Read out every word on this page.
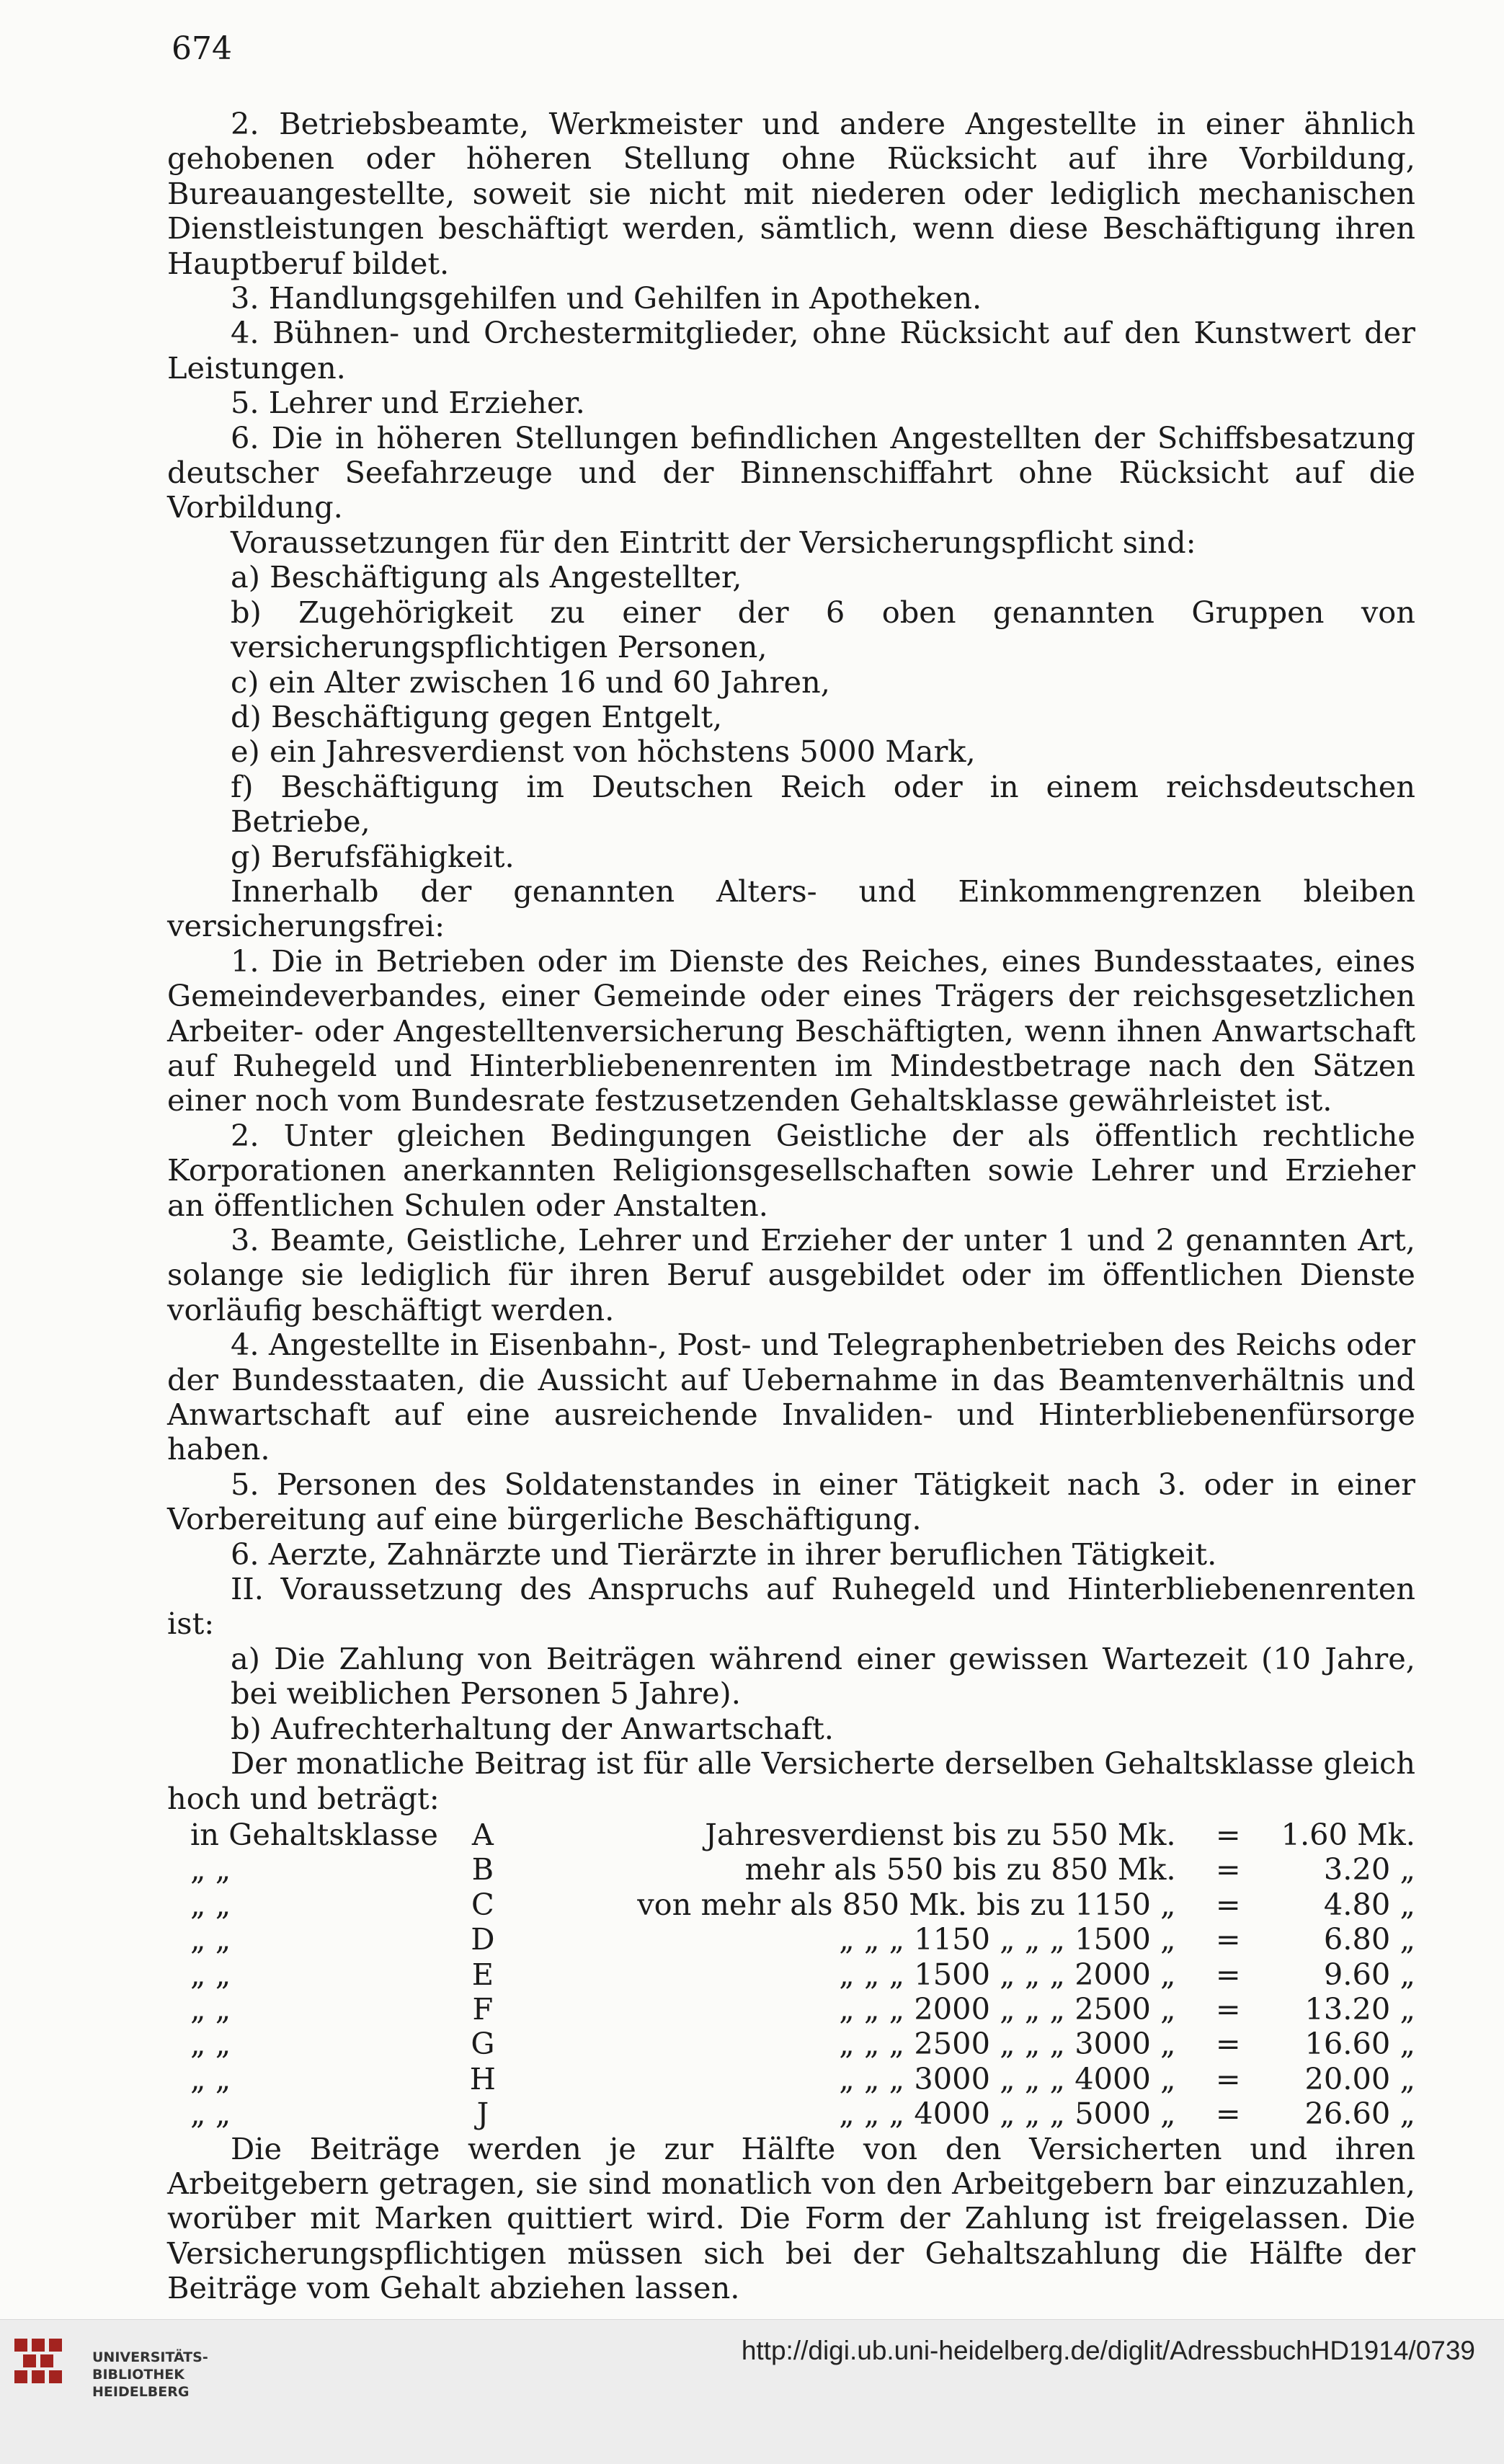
674

2. Betriebsbeamte, Werkmeister und andere Angestellte in einer ähnlich gehobenen oder höheren Stellung ohne Rücksicht auf ihre Vorbildung, Bureauangestellte, soweit sie nicht mit niederen oder lediglich mechanischen Dienstleistungen beschäftigt werden, sämtlich, wenn diese Beschäftigung ihren Hauptberuf bildet.

3. Handlungsgehilfen und Gehilfen in Apotheken.

4. Bühnen- und Orchestermitglieder, ohne Rücksicht auf den Kunstwert der Leistungen.

5. Lehrer und Erzieher.

6. Die in höheren Stellungen befindlichen Angestellten der Schiffsbesatzung deutscher Seefahrzeuge und der Binnenschiffahrt ohne Rücksicht auf die Vorbildung.

Voraussetzungen für den Eintritt der Versicherungspflicht sind:

a) Beschäftigung als Angestellter,

b) Zugehörigkeit zu einer der 6 oben genannten Gruppen von versicherungspflichtigen Personen,

c) ein Alter zwischen 16 und 60 Jahren,

d) Beschäftigung gegen Entgelt,

e) ein Jahresverdienst von höchstens 5000 Mark,

f) Beschäftigung im Deutschen Reich oder in einem reichsdeutschen Betriebe,

g) Berufsfähigkeit.

Innerhalb der genannten Alters- und Einkommengrenzen bleiben versicherungsfrei:

1. Die in Betrieben oder im Dienste des Reiches, eines Bundesstaates, eines Gemeindeverbandes, einer Gemeinde oder eines Trägers der reichsgesetzlichen Arbeiter- oder Angestelltenversicherung Beschäftigten, wenn ihnen Anwartschaft auf Ruhegeld und Hinterbliebenenrenten im Mindestbetrage nach den Sätzen einer noch vom Bundesrate festzusetzenden Gehaltsklasse gewährleistet ist.

2. Unter gleichen Bedingungen Geistliche der als öffentlich rechtliche Korporationen anerkannten Religionsgesellschaften sowie Lehrer und Erzieher an öffentlichen Schulen oder Anstalten.

3. Beamte, Geistliche, Lehrer und Erzieher der unter 1 und 2 genannten Art, solange sie lediglich für ihren Beruf ausgebildet oder im öffentlichen Dienste vorläufig beschäftigt werden.

4. Angestellte in Eisenbahn-, Post- und Telegraphenbetrieben des Reichs oder der Bundesstaaten, die Aussicht auf Uebernahme in das Beamtenverhältnis und Anwartschaft auf eine ausreichende Invaliden- und Hinterbliebenenfürsorge haben.

5. Personen des Soldatenstandes in einer Tätigkeit nach 3. oder in einer Vorbereitung auf eine bürgerliche Beschäftigung.

6. Aerzte, Zahnärzte und Tierärzte in ihrer beruflichen Tätigkeit.

II. Voraussetzung des Anspruchs auf Ruhegeld und Hinterbliebenenrenten ist:

a) Die Zahlung von Beiträgen während einer gewissen Wartezeit (10 Jahre, bei weiblichen Personen 5 Jahre).

b) Aufrechterhaltung der Anwartschaft.

Der monatliche Beitrag ist für alle Versicherte derselben Gehaltsklasse gleich hoch und beträgt:

in Gehaltsklasse	A	Jahresverdienst bis zu 550 Mk.	=	1.60 Mk.
„ „	B	mehr als 550 bis zu 850 Mk.	=	3.20 „
„ „	C	von mehr als 850 Mk. bis zu 1150 „	=	4.80 „
„ „	D	„ „ „ 1150 „ „ „ 1500 „	=	6.80 „
„ „	E	„ „ „ 1500 „ „ „ 2000 „	=	9.60 „
„ „	F	„ „ „ 2000 „ „ „ 2500 „	=	13.20 „
„ „	G	„ „ „ 2500 „ „ „ 3000 „	=	16.60 „
„ „	H	„ „ „ 3000 „ „ „ 4000 „	=	20.00 „
„ „	J	„ „ „ 4000 „ „ „ 5000 „	=	26.60 „

Die Beiträge werden je zur Hälfte von den Versicherten und ihren Arbeitgebern getragen, sie sind monatlich von den Arbeitgebern bar einzuzahlen, worüber mit Marken quittiert wird. Die Form der Zahlung ist freigelassen. Die Versicherungspflichtigen müssen sich bei der Gehaltszahlung die Hälfte der Beiträge vom Gehalt abziehen lassen.

UNIVERSITÄTS-
BIBLIOTHEK
HEIDELBERG
http://digi.ub.uni-heidelberg.de/diglit/AdressbuchHD1914/0739
